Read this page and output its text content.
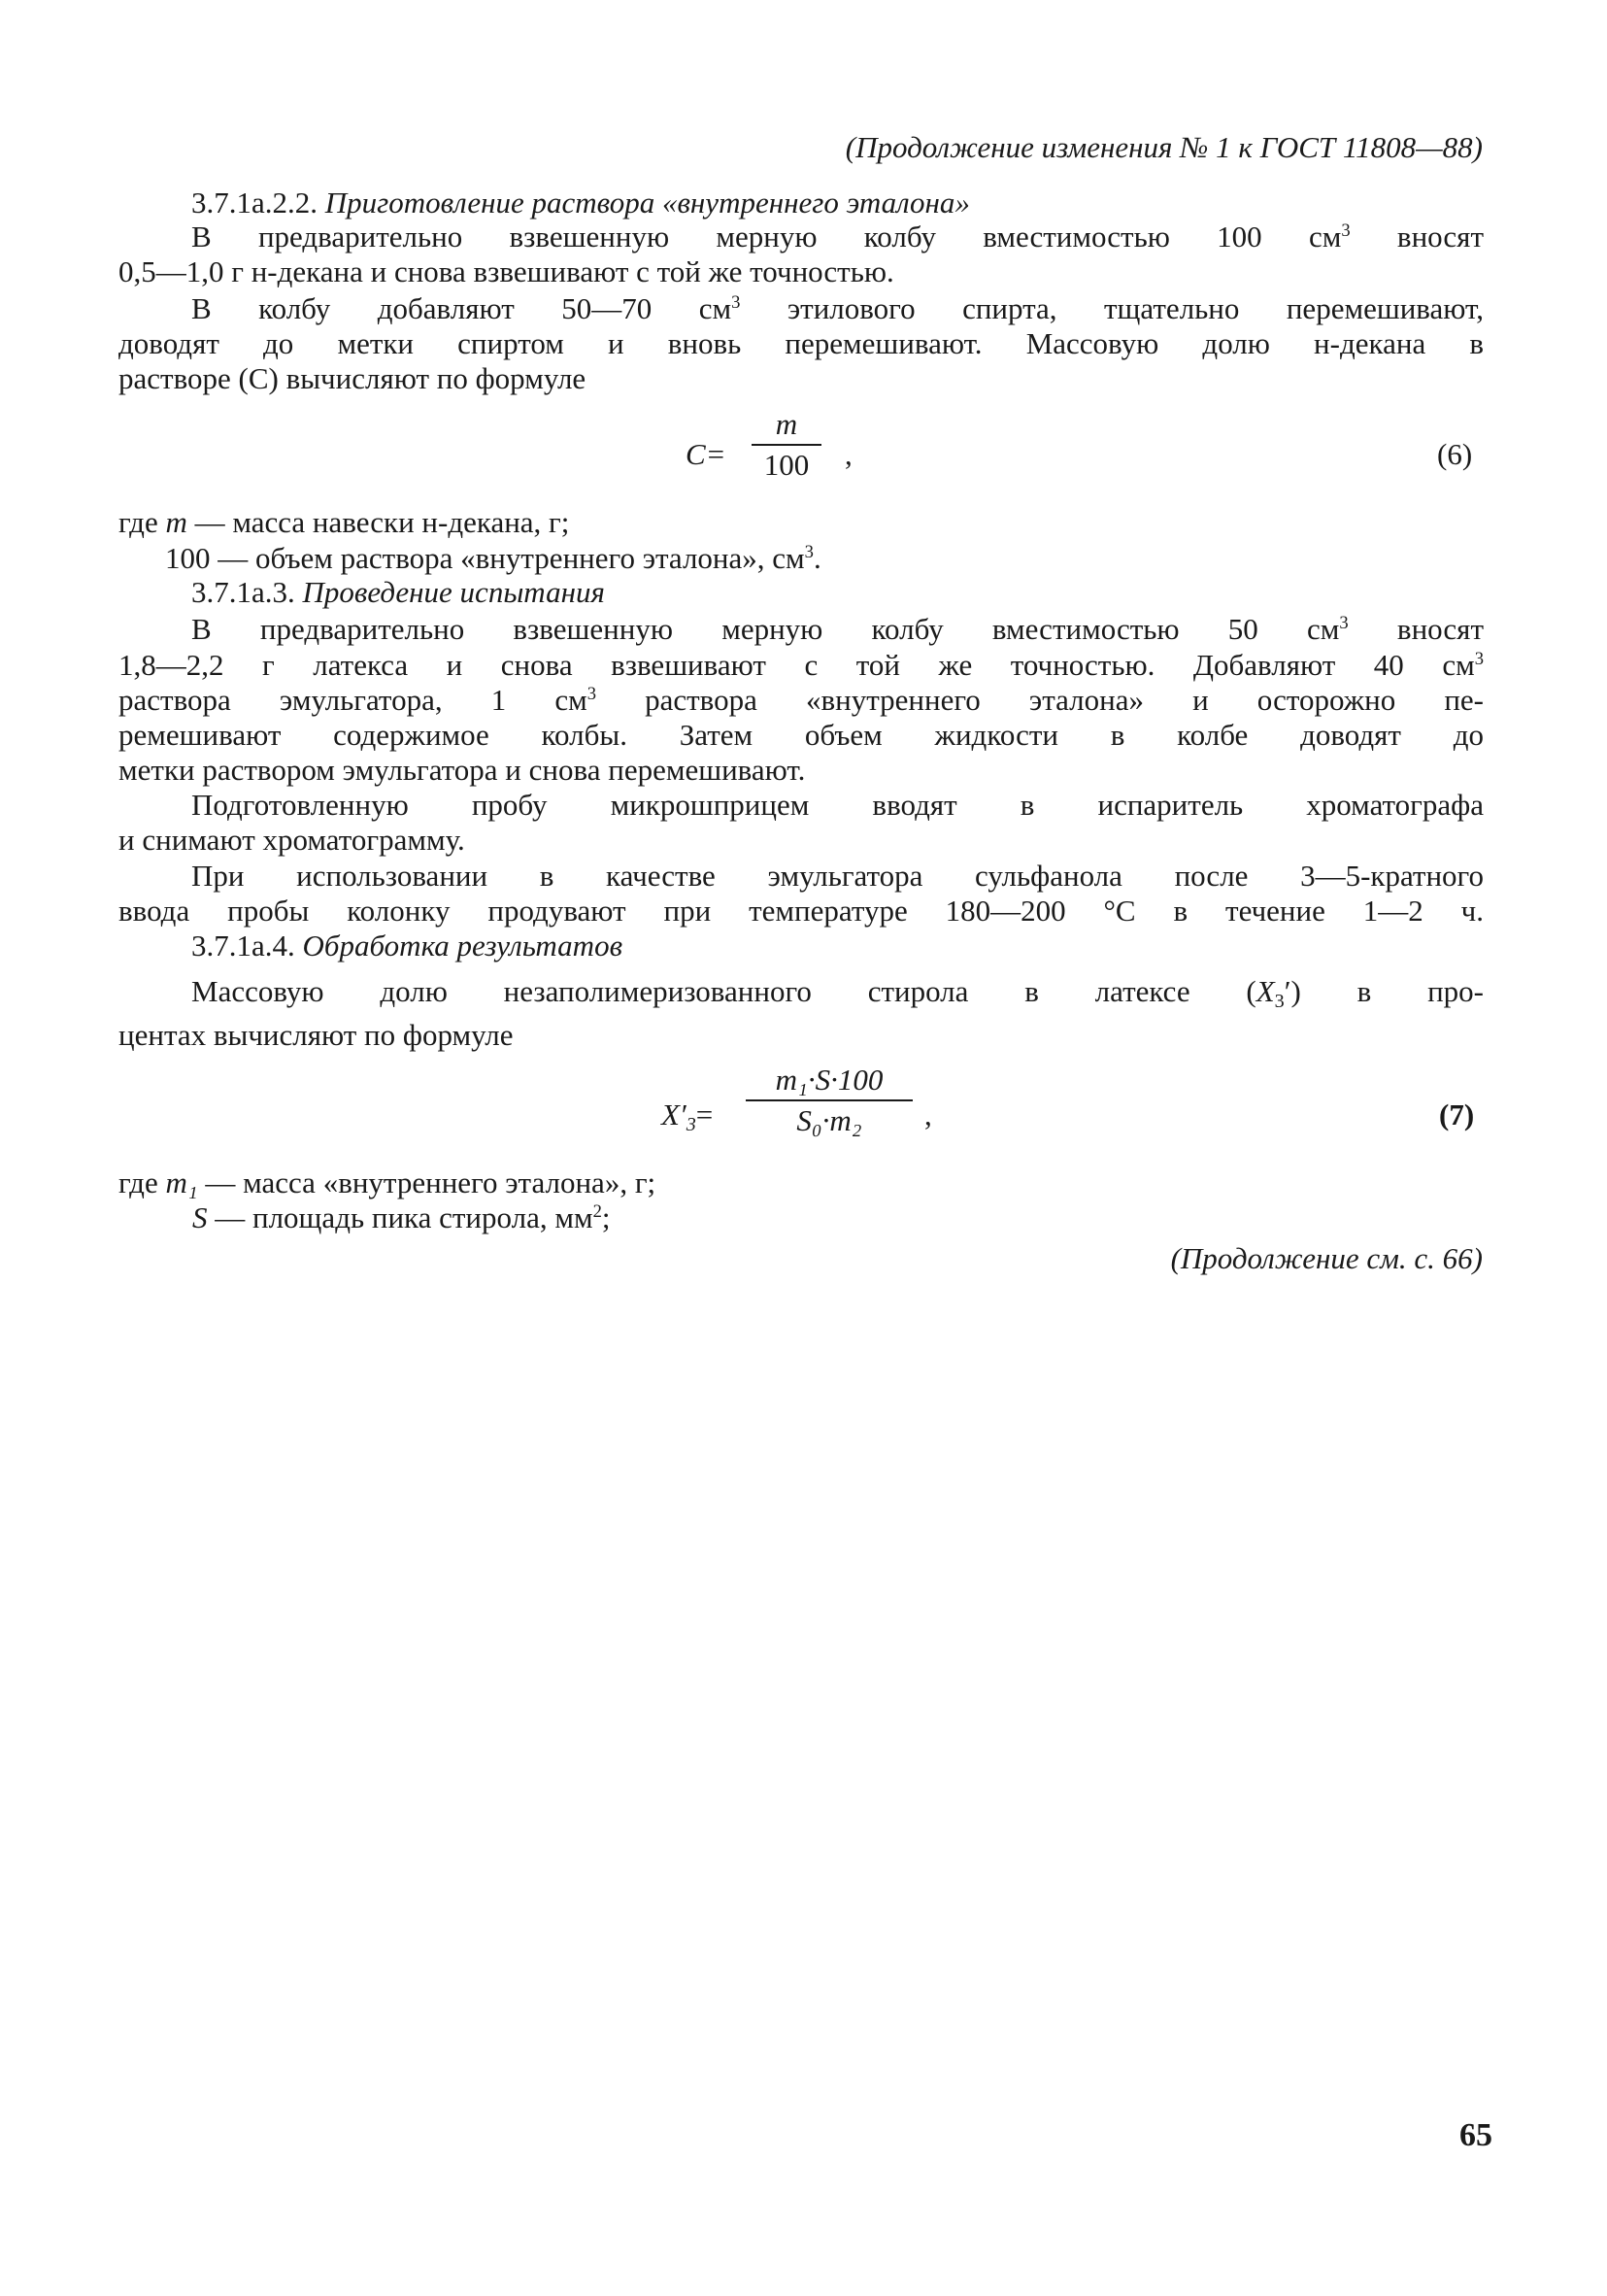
(Продолжение изменения № 1 к ГОСТ 11808—88)
3.7.1а.2.2. Приготовление раствора «внутреннего эталона»
В предварительно взвешенную мерную колбу вместимостью 100 $см^3$ вносят
0,5—1,0 г н-декана и снова взвешивают с той же точностью.
В колбу добавляют 50—70 $см^3$ этилового спирта, тщательно перемешивают,
доводят до метки спиртом и вновь перемешивают. Массовую долю н-декана в
растворе (С) вычисляют по формуле
С=
m
100	,	(6)
где m — масса навески н-декана, г;
100 — объем раствора «внутреннего эталона», $см^3$.
3.7.1а.3. Проведение испытания
В предварительно взвешенную мерную колбу вместимостью 50 $см^3$ вносят
1,8—2,2 г латекса и снова взвешивают с той же точностью. Добавляют 40 $см^3$
раствора эмульгатора, 1 $см^3$ раствора «внутреннего эталона» и осторожно пе-
ремешивают содержимое колбы. Затем объем жидкости в колбе доводят до
метки раствором эмульгатора и снова перемешивают.
Подготовленную пробу микрошприцем вводят в испаритель хроматографа
и снимают хроматограмму.
При использовании в качестве эмульгатора сульфанола после 3—5-кратного
ввода пробы колонку продувают при температуре 180—200 °С в течение 1—2 ч.
3.7.1а.4. Обработка результатов
Массовую долю незаполимеризованного стирола в латексе $(X_3')$ в про-
центах вычисляют по формуле
$X'_3=$
m₁·S·100
S₀·m₂	,	(7)
где m₁ — масса «внутреннего эталона», г;
S — площадь пика стирола, $мм^2$;
(Продолжение см. с. 66)
65
